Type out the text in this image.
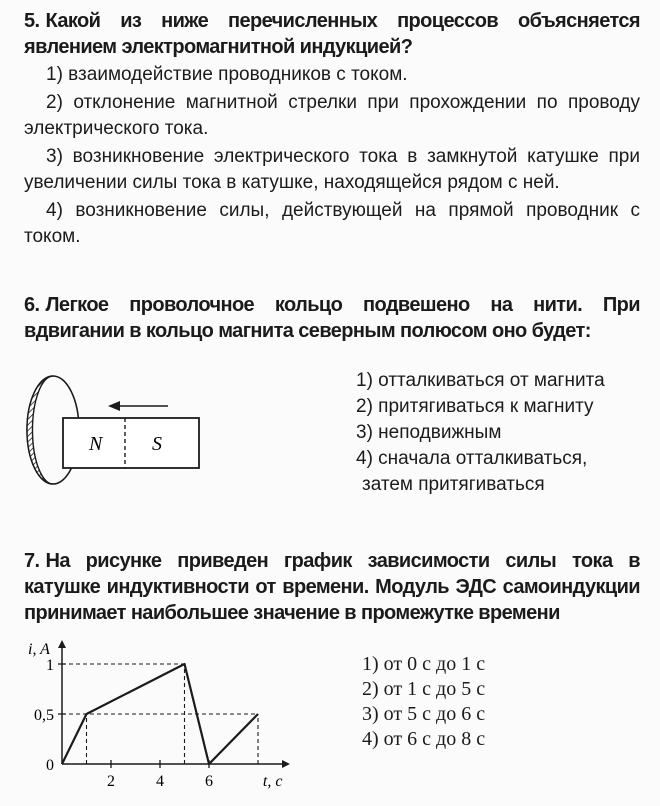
5. Какой из ниже перечисленных процессов объясняется явлением электромагнитной индукцией?

1) взаимодействие проводников с током.

2) отклонение магнитной стрелки при прохождении по проводу электрического тока.

3) возникновение электрического тока в замкнутой катушке при увеличении силы тока в катушке, находящейся рядом с ней.

4) возникновение силы, действующей на прямой проводник с током.

6. Легкое проволочное кольцо подвешено на нити. При вдвигании в кольцо магнита северным полюсом оно будет:

N S
1) отталкиваться от магнита
2) притягиваться к магниту
3) неподвижным
4) сначала отталкиваться,
затем притягиваться

7. На рисунке приведен график зависимости силы тока в катушке индуктивности от времени. Модуль ЭДС самоиндукции принимает наибольшее значение в промежутке времени

i, A
t, с
1
0,5
0
2	4	6
1) от 0 с до 1 с
2) от 1 с до 5 с
3) от 5 с до 6 с
4) от 6 с до 8 с
